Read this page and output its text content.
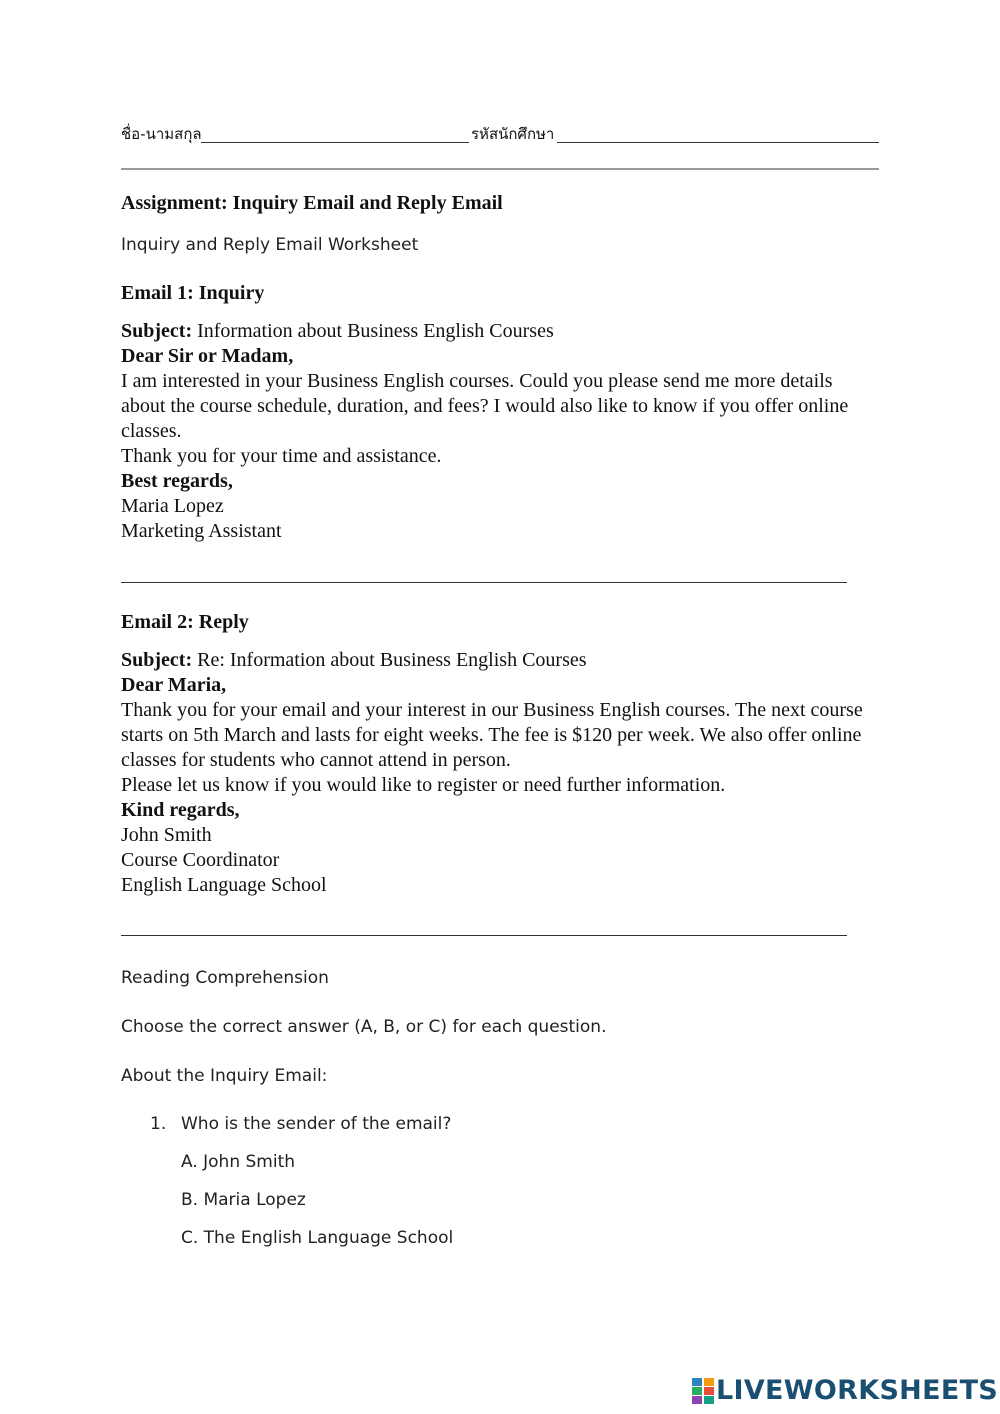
ชื่อ-นามสกุล	รหัสนักศึกษา
Assignment: Inquiry Email and Reply Email
Inquiry and Reply Email Worksheet
Email 1: Inquiry

Subject: Information about Business English Courses

Dear Sir or Madam,

I am interested in your Business English courses. Could you please send me more details

about the course schedule, duration, and fees? I would also like to know if you offer online

classes.

Thank you for your time and assistance.

Best regards,

Maria Lopez

Marketing Assistant

Email 2: Reply

Subject: Re: Information about Business English Courses

Dear Maria,

Thank you for your email and your interest in our Business English courses. The next course

starts on 5th March and lasts for eight weeks. The fee is $120 per week. We also offer online

classes for students who cannot attend in person.

Please let us know if you would like to register or need further information.

Kind regards,

John Smith

Course Coordinator

English Language School

Reading Comprehension
Choose the correct answer (A, B, or C) for each question.
About the Inquiry Email:
1. Who is the sender of the email?
A. John Smith
B. Maria Lopez
C. The English Language School
LIVEWORKSHEETS
